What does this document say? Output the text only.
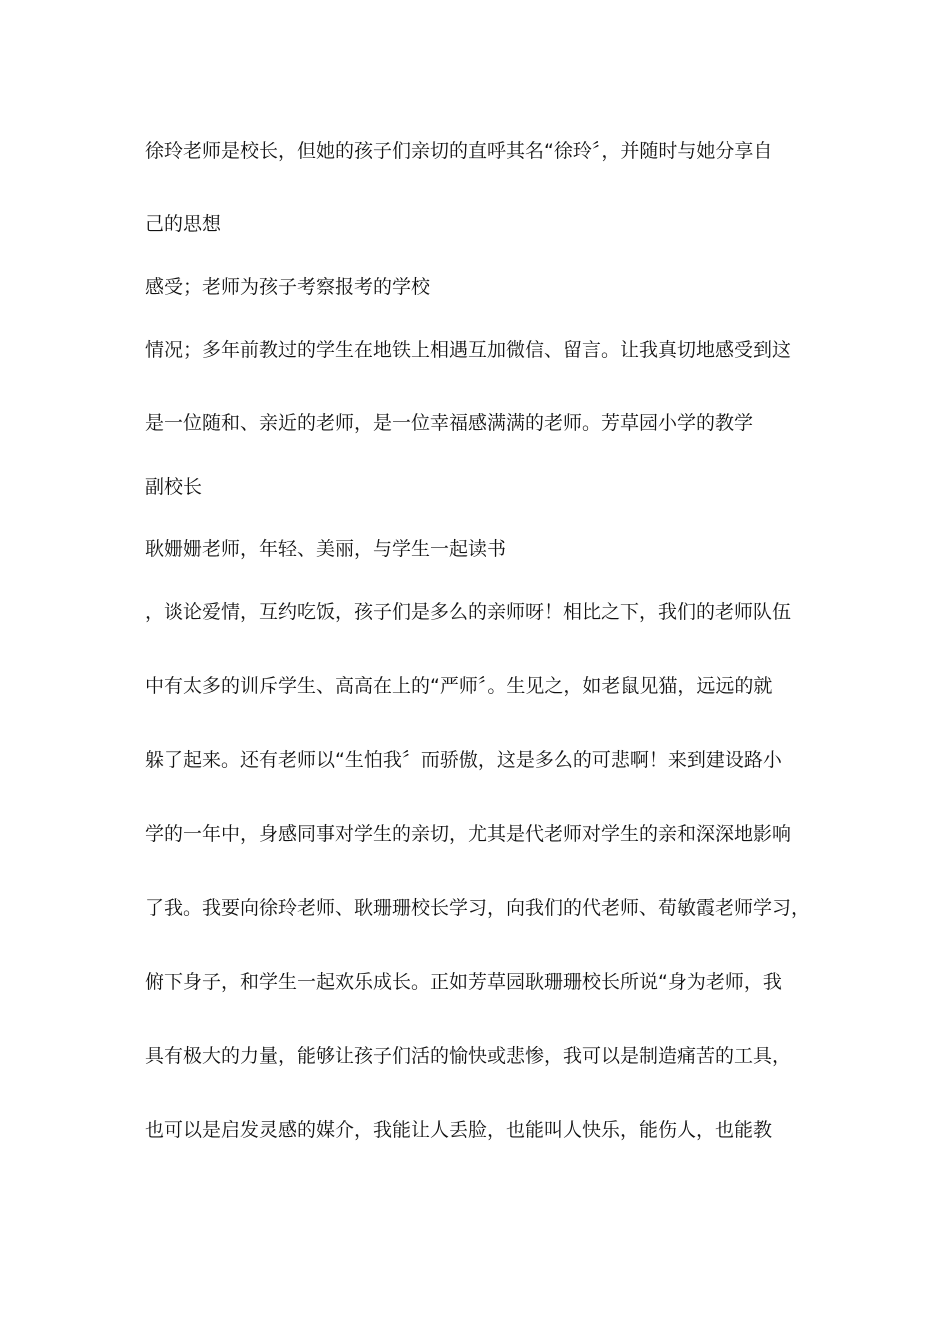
徐玲老师是校长，但她的孩子们亲切的直呼其名“徐玲〞，并随时与她分享自

己的思想

感受；老师为孩子考察报考的学校

情况；多年前教过的学生在地铁上相遇互加微信、留言。让我真切地感受到这

是一位随和、亲近的老师，是一位幸福感满满的老师。芳草园小学的教学

副校长

耿姗姗老师，年轻、美丽，与学生一起读书

，谈论爱情，互约吃饭，孩子们是多么的亲师呀！相比之下，我们的老师队伍

中有太多的训斥学生、高高在上的“严师〞。生见之，如老鼠见猫，远远的就

躲了起来。还有老师以“生怕我〞而骄傲，这是多么的可悲啊！来到建设路小

学的一年中，身感同事对学生的亲切，尤其是代老师对学生的亲和深深地影响

了我。我要向徐玲老师、耿珊珊校长学习，向我们的代老师、荀敏霞老师学习，

俯下身子，和学生一起欢乐成长。正如芳草园耿珊珊校长所说“身为老师，我

具有极大的力量，能够让孩子们活的愉快或悲惨，我可以是制造痛苦的工具，

也可以是启发灵感的媒介，我能让人丢脸，也能叫人快乐，能伤人，也能教
